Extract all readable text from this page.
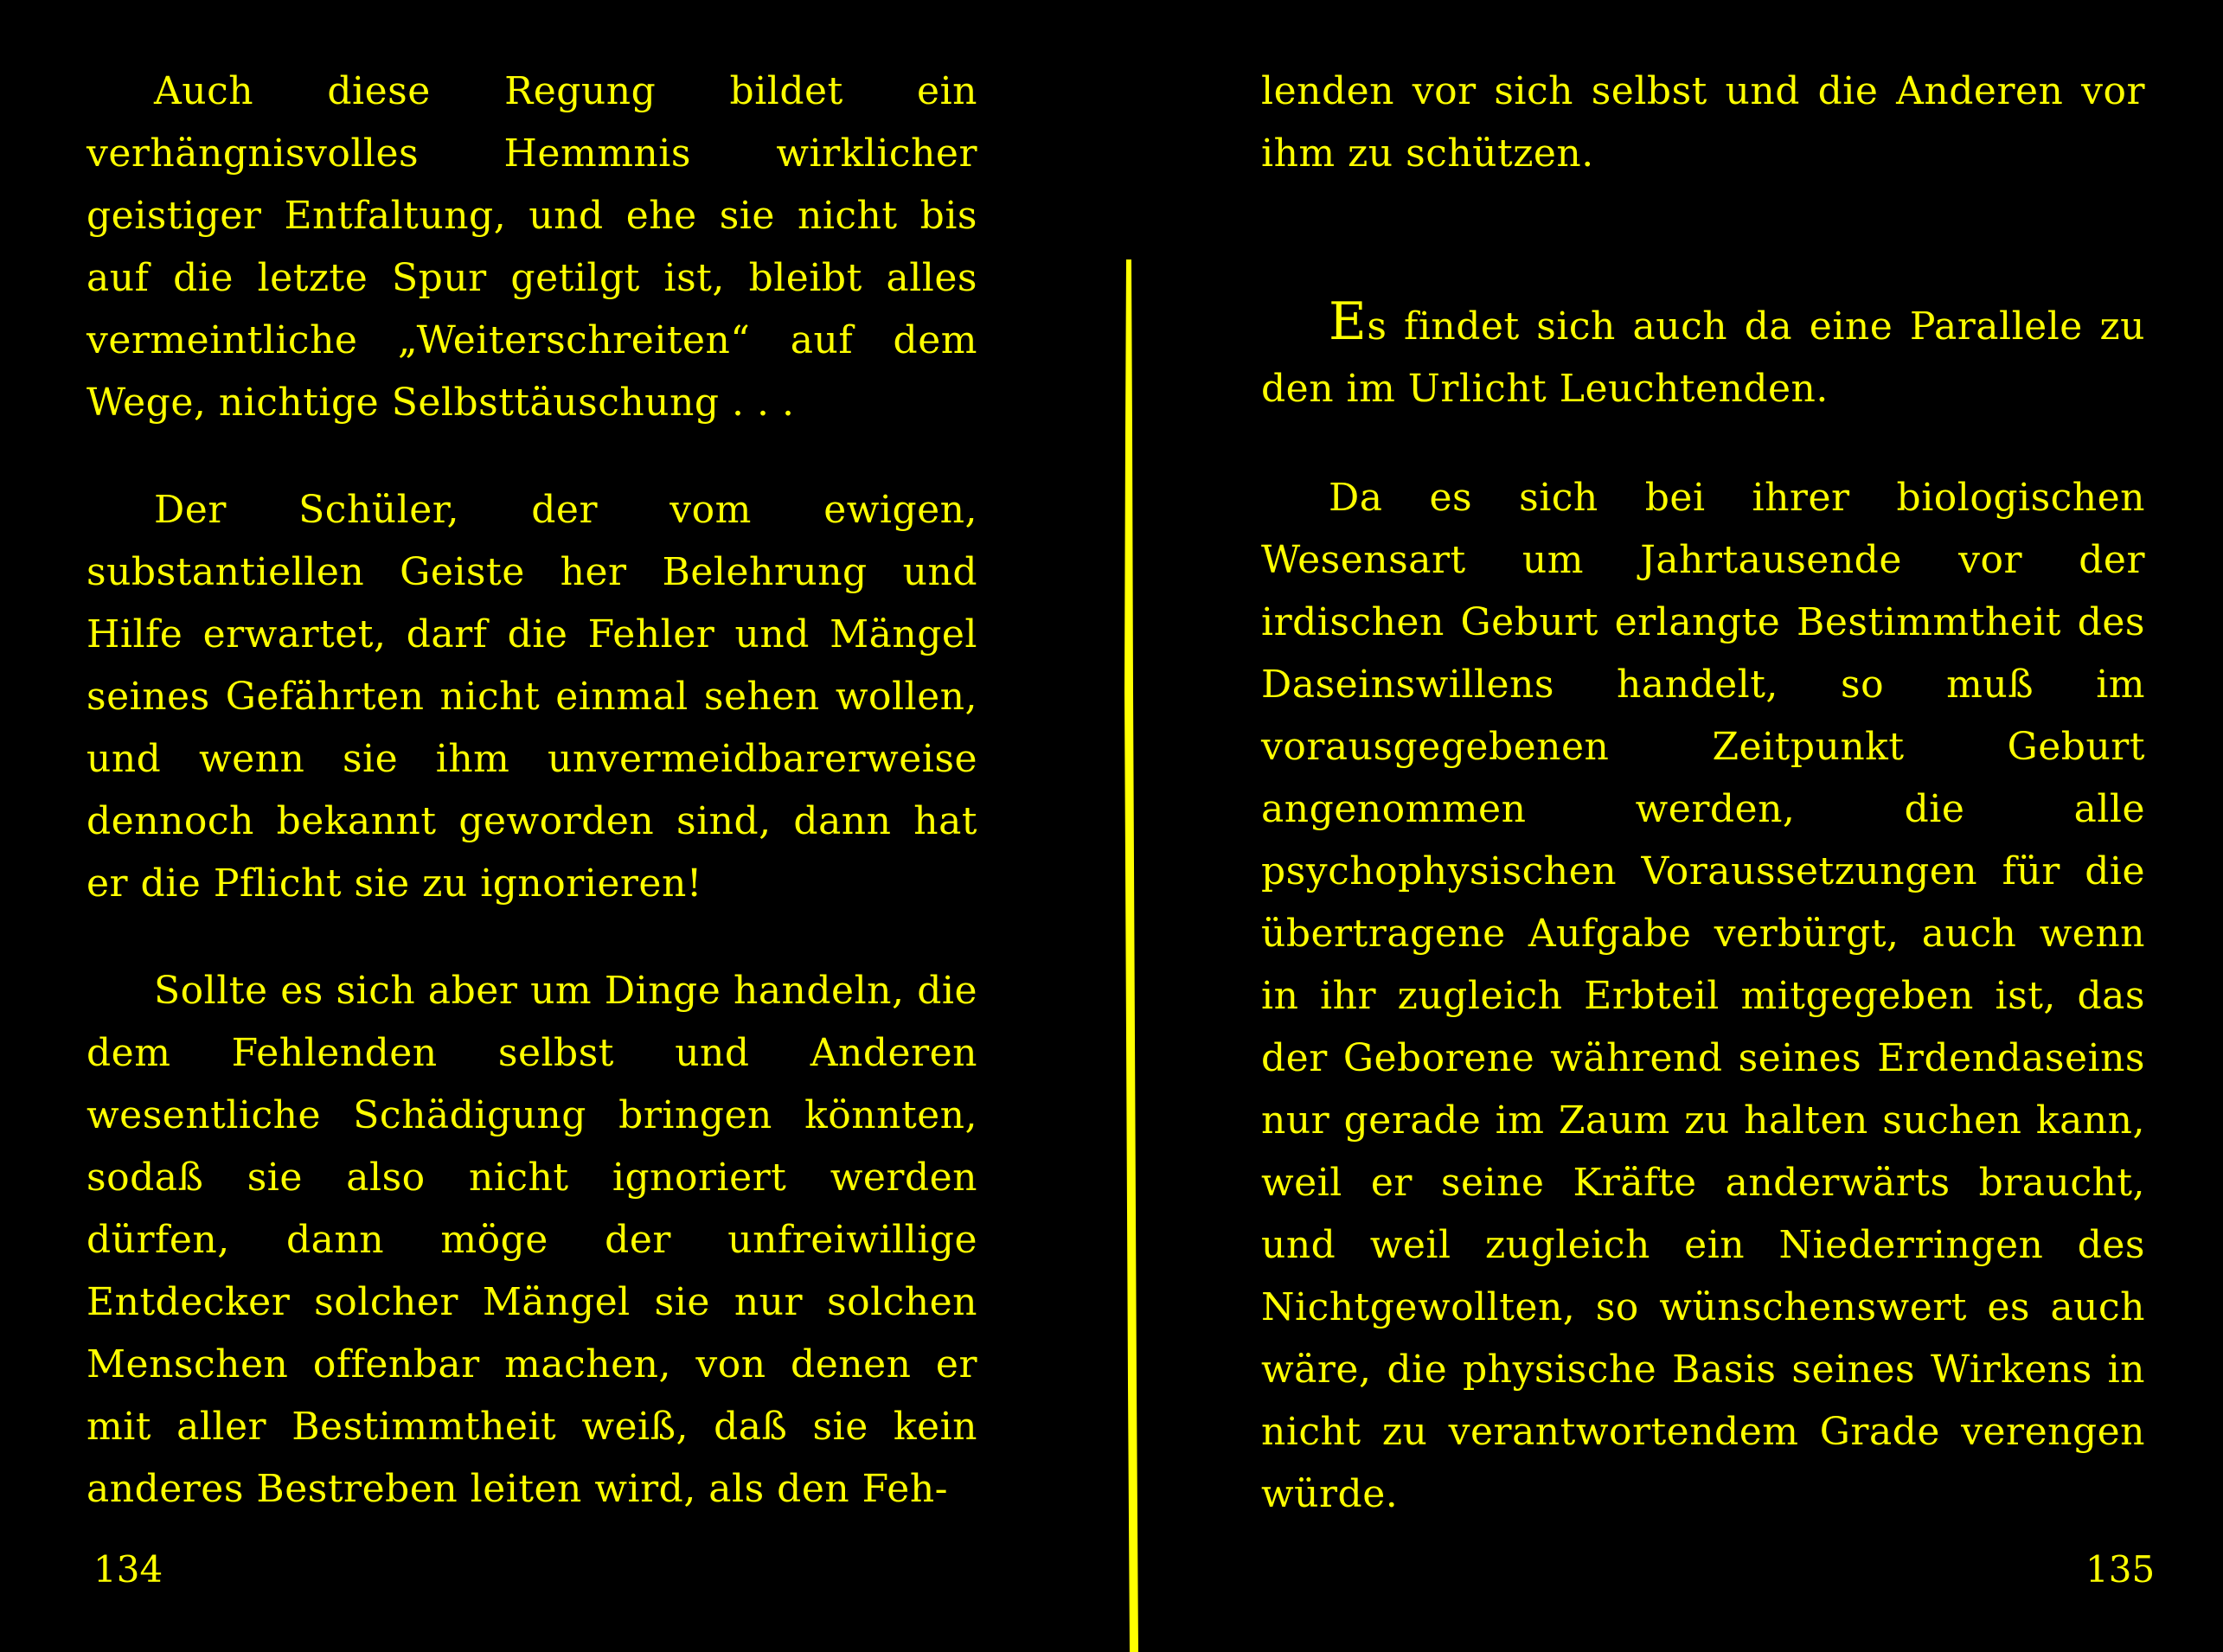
Auch diese Regung bildet ein verhängnisvolles Hemmnis wirklicher geistiger Entfaltung, und ehe sie nicht bis auf die letzte Spur getilgt ist, bleibt alles vermeintliche „Weiterschreiten“ auf dem Wege, nichtige Selbsttäuschung . . .

Der Schüler, der vom ewigen, substantiellen Geiste her Belehrung und Hilfe erwartet, darf die Fehler und Mängel seines Gefährten nicht einmal sehen wollen, und wenn sie ihm unvermeidbarerweise dennoch bekannt geworden sind, dann hat er die Pflicht sie zu ignorieren!

Sollte es sich aber um Dinge handeln, die dem Fehlenden selbst und Anderen wesentliche Schädigung bringen könnten, sodaß sie also nicht ignoriert werden dürfen, dann möge der unfreiwillige Entdecker solcher Mängel sie nur solchen Menschen offenbar machen, von denen er mit aller Bestimmtheit weiß, daß sie kein anderes Bestreben leiten wird, als den Feh-

134

lenden vor sich selbst und die Anderen vor ihm zu schützen.

Es findet sich auch da eine Parallele zu den im Urlicht Leuchtenden.

Da es sich bei ihrer biologischen Wesensart um Jahrtausende vor der irdischen Geburt erlangte Bestimmtheit des Daseinswillens handelt, so muß im vorausgegebenen Zeitpunkt Geburt angenommen werden, die alle psychophysischen Voraussetzungen für die übertragene Aufgabe verbürgt, auch wenn in ihr zugleich Erbteil mitgegeben ist, das der Geborene während seines Erdendaseins nur gerade im Zaum zu halten suchen kann, weil er seine Kräfte anderwärts braucht, und weil zugleich ein Niederringen des Nichtgewollten, so wünschenswert es auch wäre, die physische Basis seines Wirkens in nicht zu verantwortendem Grade verengen würde.

135
